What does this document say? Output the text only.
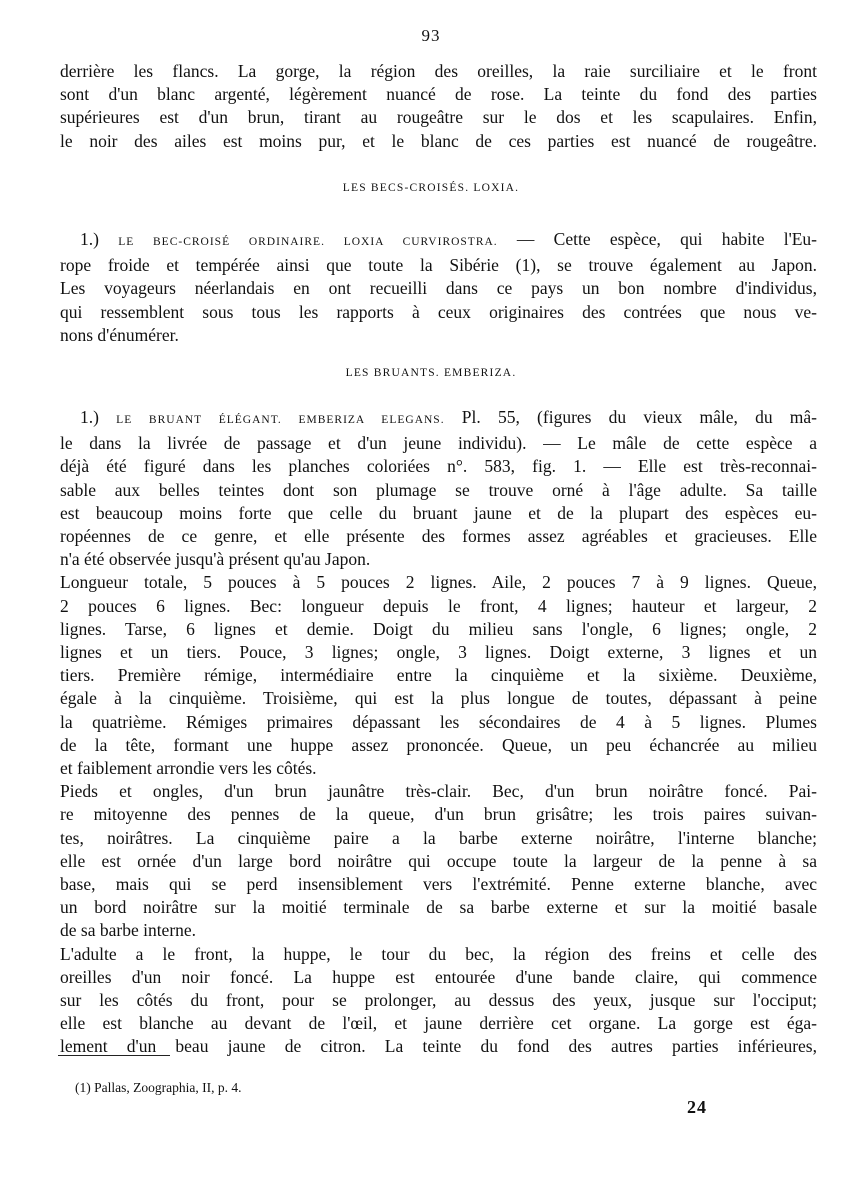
93
derrière les flancs. La gorge, la région des oreilles, la raie surciliaire et le front
sont d'un blanc argenté, légèrement nuancé de rose. La teinte du fond des parties
supérieures est d'un brun, tirant au rougeâtre sur le dos et les scapulaires. Enfin,
le noir des ailes est moins pur, et le blanc de ces parties est nuancé de rougeâtre.
LES BECS-CROISÉS. LOXIA.
1.) LE BEC-CROISÉ ORDINAIRE. LOXIA CURVIROSTRA. — Cette espèce, qui habite l'Eu-
rope froide et tempérée ainsi que toute la Sibérie (1), se trouve également au Japon.
Les voyageurs néerlandais en ont recueilli dans ce pays un bon nombre d'individus,
qui ressemblent sous tous les rapports à ceux originaires des contrées que nous ve-
nons d'énumérer.
LES BRUANTS. EMBERIZA.
1.) LE BRUANT ÉLÉGANT. EMBERIZA ELEGANS. Pl. 55, (figures du vieux mâle, du mâ-
le dans la livrée de passage et d'un jeune individu). — Le mâle de cette espèce a
déjà été figuré dans les planches coloriées n°. 583, fig. 1. — Elle est très-reconnai-
sable aux belles teintes dont son plumage se trouve orné à l'âge adulte. Sa taille
est beaucoup moins forte que celle du bruant jaune et de la plupart des espèces eu-
ropéennes de ce genre, et elle présente des formes assez agréables et gracieuses. Elle
n'a été observée jusqu'à présent qu'au Japon.
Longueur totale, 5 pouces à 5 pouces 2 lignes. Aile, 2 pouces 7 à 9 lignes. Queue,
2 pouces 6 lignes. Bec: longueur depuis le front, 4 lignes; hauteur et largeur, 2
lignes. Tarse, 6 lignes et demie. Doigt du milieu sans l'ongle, 6 lignes; ongle, 2
lignes et un tiers. Pouce, 3 lignes; ongle, 3 lignes. Doigt externe, 3 lignes et un
tiers. Première rémige, intermédiaire entre la cinquième et la sixième. Deuxième,
égale à la cinquième. Troisième, qui est la plus longue de toutes, dépassant à peine
la quatrième. Rémiges primaires dépassant les sécondaires de 4 à 5 lignes. Plumes
de la tête, formant une huppe assez prononcée. Queue, un peu échancrée au milieu
et faiblement arrondie vers les côtés.
Pieds et ongles, d'un brun jaunâtre très-clair. Bec, d'un brun noirâtre foncé. Pai-
re mitoyenne des pennes de la queue, d'un brun grisâtre; les trois paires suivan-
tes, noirâtres. La cinquième paire a la barbe externe noirâtre, l'interne blanche;
elle est ornée d'un large bord noirâtre qui occupe toute la largeur de la penne à sa
base, mais qui se perd insensiblement vers l'extrémité. Penne externe blanche, avec
un bord noirâtre sur la moitié terminale de sa barbe externe et sur la moitié basale
de sa barbe interne.
L'adulte a le front, la huppe, le tour du bec, la région des freins et celle des
oreilles d'un noir foncé. La huppe est entourée d'une bande claire, qui commence
sur les côtés du front, pour se prolonger, au dessus des yeux, jusque sur l'occiput;
elle est blanche au devant de l'œil, et jaune derrière cet organe. La gorge est éga-
lement d'un beau jaune de citron. La teinte du fond des autres parties inférieures,
(1) Pallas, Zoographia, II, p. 4.
24
